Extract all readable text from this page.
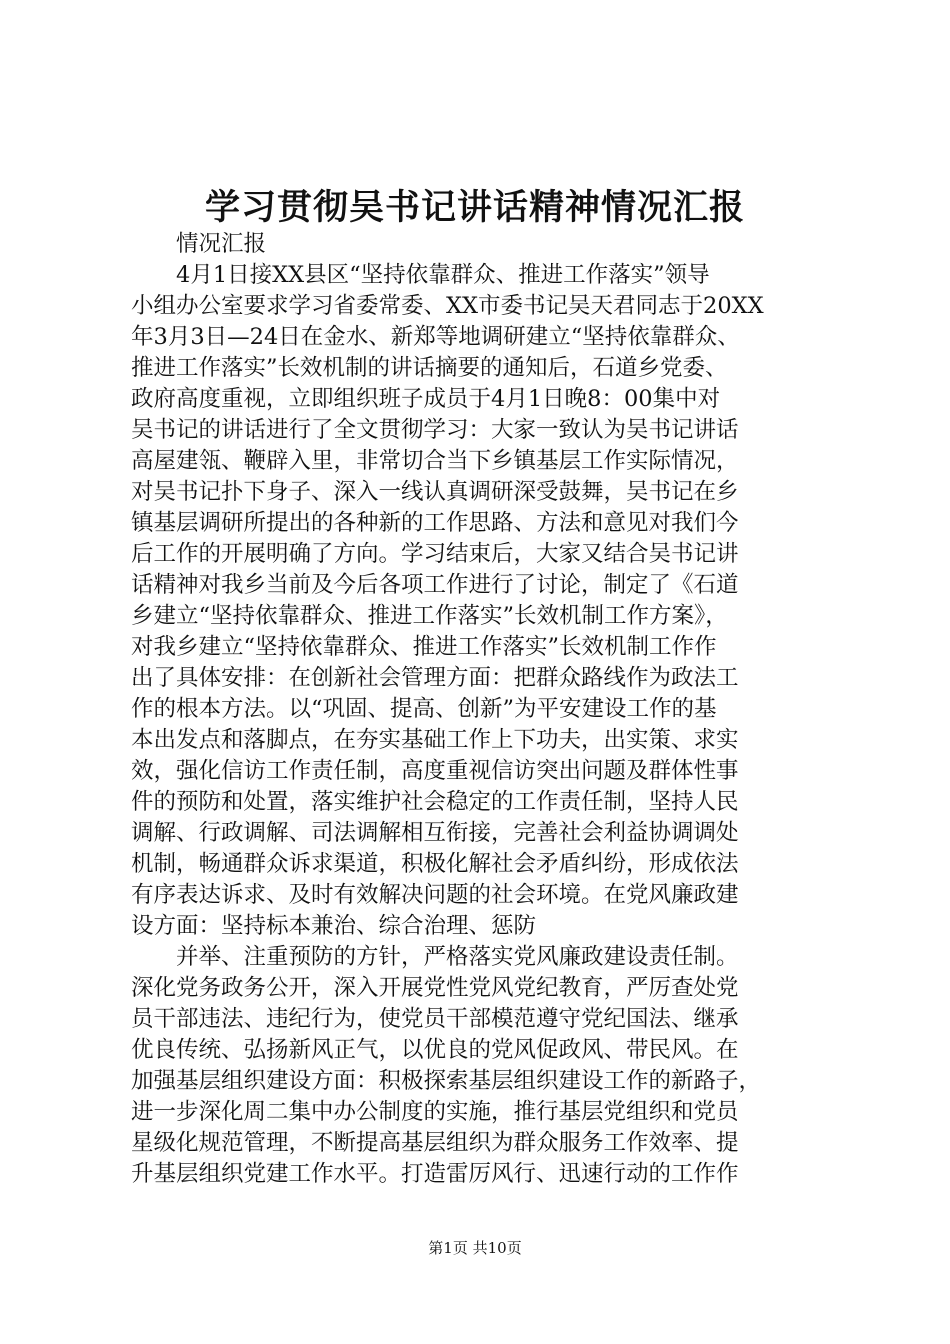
学习贯彻吴书记讲话精神情况汇报
情况汇报
4月1日接XX县区“坚持依靠群众、推进工作落实”领导
小组办公室要求学习省委常委、XX市委书记吴天君同志于20XX
年3月3日—24日在金水、新郑等地调研建立“坚持依靠群众、
推进工作落实”长效机制的讲话摘要的通知后，石道乡党委、
政府高度重视，立即组织班子成员于4月1日晚8：00集中对
吴书记的讲话进行了全文贯彻学习：大家一致认为吴书记讲话
高屋建瓴、鞭辟入里，非常切合当下乡镇基层工作实际情况，
对吴书记扑下身子、深入一线认真调研深受鼓舞，吴书记在乡
镇基层调研所提出的各种新的工作思路、方法和意见对我们今
后工作的开展明确了方向。学习结束后，大家又结合吴书记讲
话精神对我乡当前及今后各项工作进行了讨论，制定了《石道
乡建立“坚持依靠群众、推进工作落实”长效机制工作方案》，
对我乡建立“坚持依靠群众、推进工作落实”长效机制工作作
出了具体安排：在创新社会管理方面：把群众路线作为政法工
作的根本方法。以“巩固、提高、创新”为平安建设工作的基
本出发点和落脚点，在夯实基础工作上下功夫，出实策、求实
效，强化信访工作责任制，高度重视信访突出问题及群体性事
件的预防和处置，落实维护社会稳定的工作责任制，坚持人民
调解、行政调解、司法调解相互衔接，完善社会利益协调调处
机制，畅通群众诉求渠道，积极化解社会矛盾纠纷，形成依法
有序表达诉求、及时有效解决问题的社会环境。在党风廉政建
设方面：坚持标本兼治、综合治理、惩防
并举、注重预防的方针，严格落实党风廉政建设责任制。
深化党务政务公开，深入开展党性党风党纪教育，严厉查处党
员干部违法、违纪行为，使党员干部模范遵守党纪国法、继承
优良传统、弘扬新风正气，以优良的党风促政风、带民风。在
加强基层组织建设方面：积极探索基层组织建设工作的新路子，
进一步深化周二集中办公制度的实施，推行基层党组织和党员
星级化规范管理，不断提高基层组织为群众服务工作效率、提
升基层组织党建工作水平。打造雷厉风行、迅速行动的工作作
第1页 共10页
